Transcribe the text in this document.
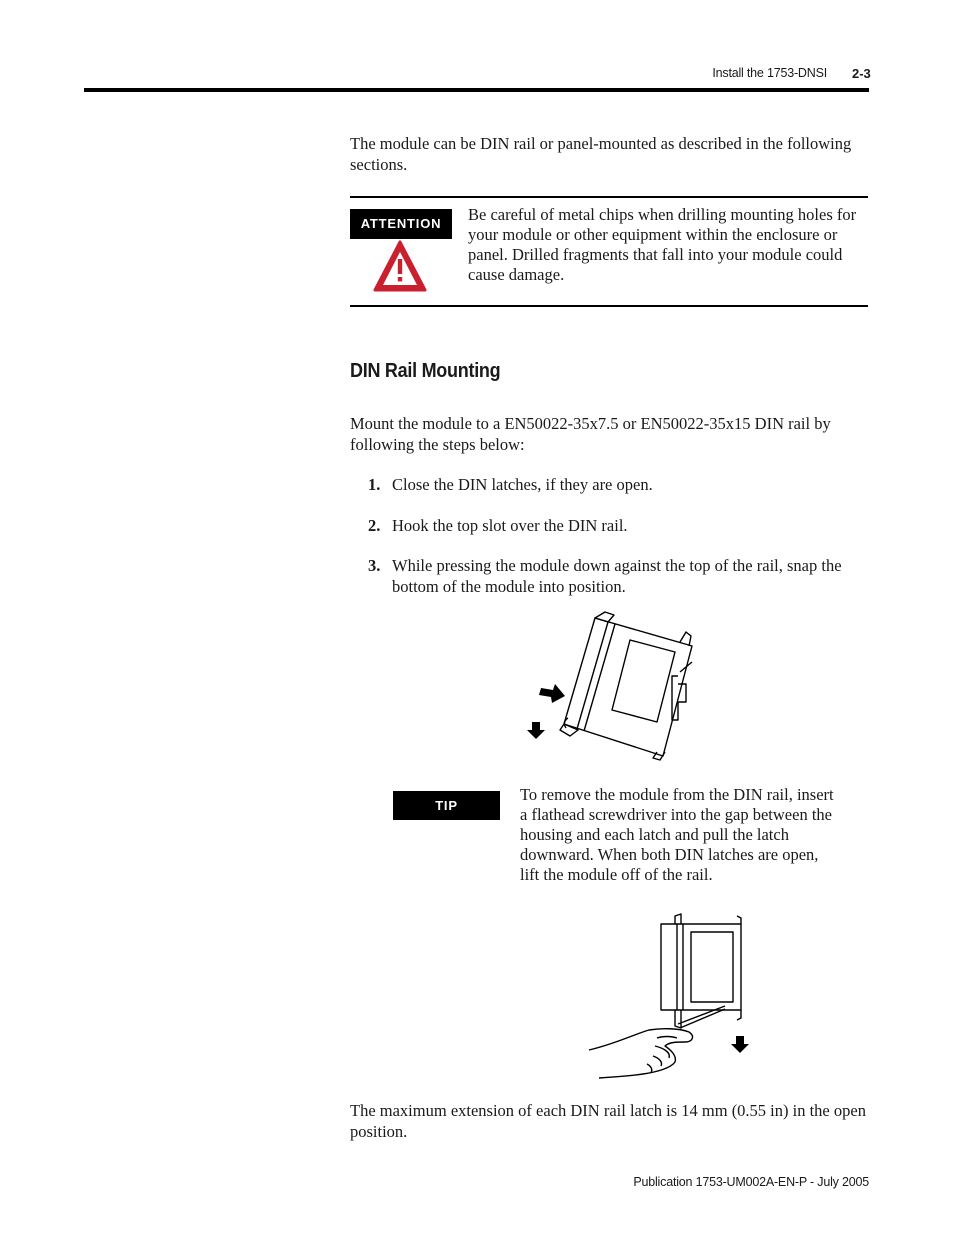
Install the 1753-DNSI 2-3
The module can be DIN rail or panel-mounted as described in the following sections.
ATTENTION	Be careful of metal chips when drilling mounting holes for your module or other equipment within the enclosure or panel. Drilled fragments that fall into your module could cause damage.
DIN Rail Mounting
Mount the module to a EN50022-35x7.5 or EN50022-35x15 DIN rail by following the steps below:
1. Close the DIN latches, if they are open.
2. Hook the top slot over the DIN rail.
3. While pressing the module down against the top of the rail, snap the bottom of the module into position.
TIP
To remove the module from the DIN rail, insert a flathead screwdriver into the gap between the housing and each latch and pull the latch downward. When both DIN latches are open, lift the module off of the rail.
The maximum extension of each DIN rail latch is 14 mm (0.55 in) in the open position.
Publication 1753-UM002A-EN-P - July 2005
